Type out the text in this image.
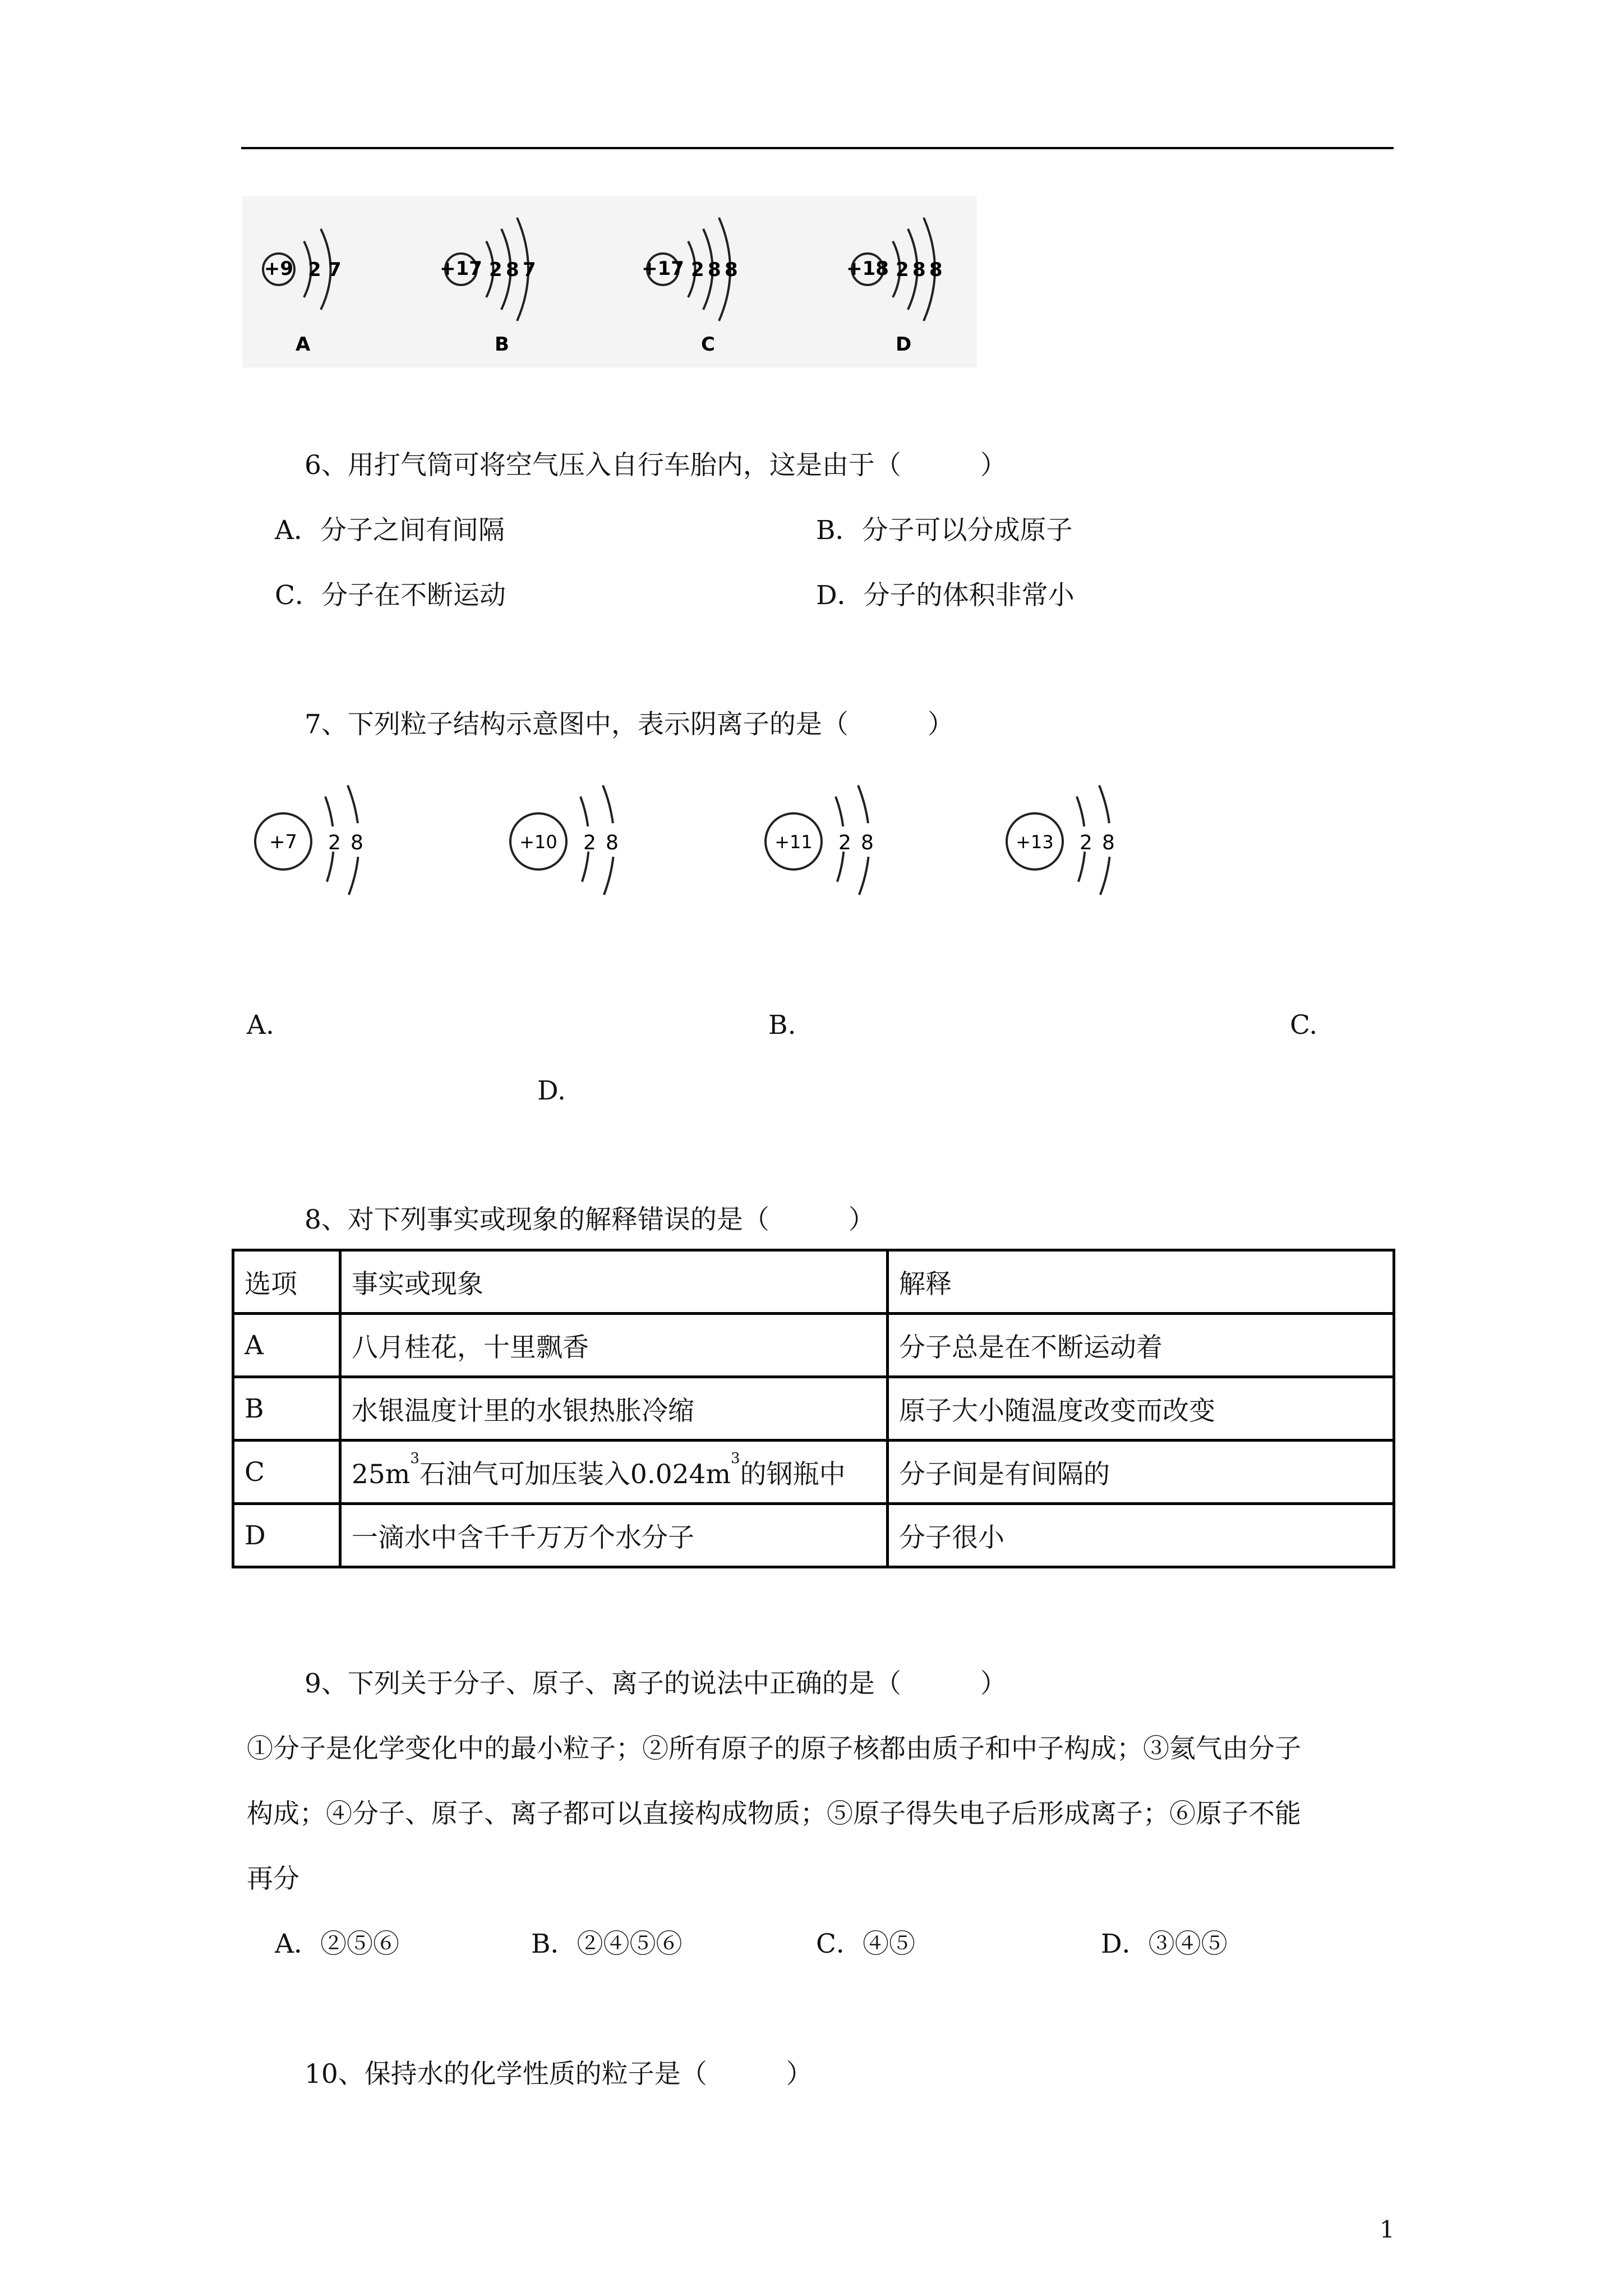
+9 2 7
A
+17 2 8 7
B
+17 2 8 8
C
+18 2 8 8
D
6、用打气筒可将空气压入自行车胎内，这是由于（　　　）
A．分子之间有间隔	B．分子可以分成原子
C．分子在不断运动	D．分子的体积非常小
7、下列粒子结构示意图中，表示阴离子的是（　　　）
+7 2 8	+10 2 8	+11 2 8	+13 2 8
A.	B.	C.
D.
8、对下列事实或现象的解释错误的是（　　　）
选项	事实或现象	解释
A	八月桂花，十里飘香	分子总是在不断运动着
B	水银温度计里的水银热胀冷缩	原子大小随温度改变而改变
C	$25m^3$石油气可加压装入$0.024m^3$的钢瓶中	分子间是有间隔的
D	一滴水中含千千万万个水分子	分子很小
9、下列关于分子、原子、离子的说法中正确的是（　　　）
①分子是化学变化中的最小粒子；②所有原子的原子核都由质子和中子构成；③氦气由分子
构成；④分子、原子、离子都可以直接构成物质；⑤原子得失电子后形成离子；⑥原子不能
再分
A．②⑤⑥	B．②④⑤⑥	C．④⑤	D．③④⑤
10、保持水的化学性质的粒子是（　　　）
1
